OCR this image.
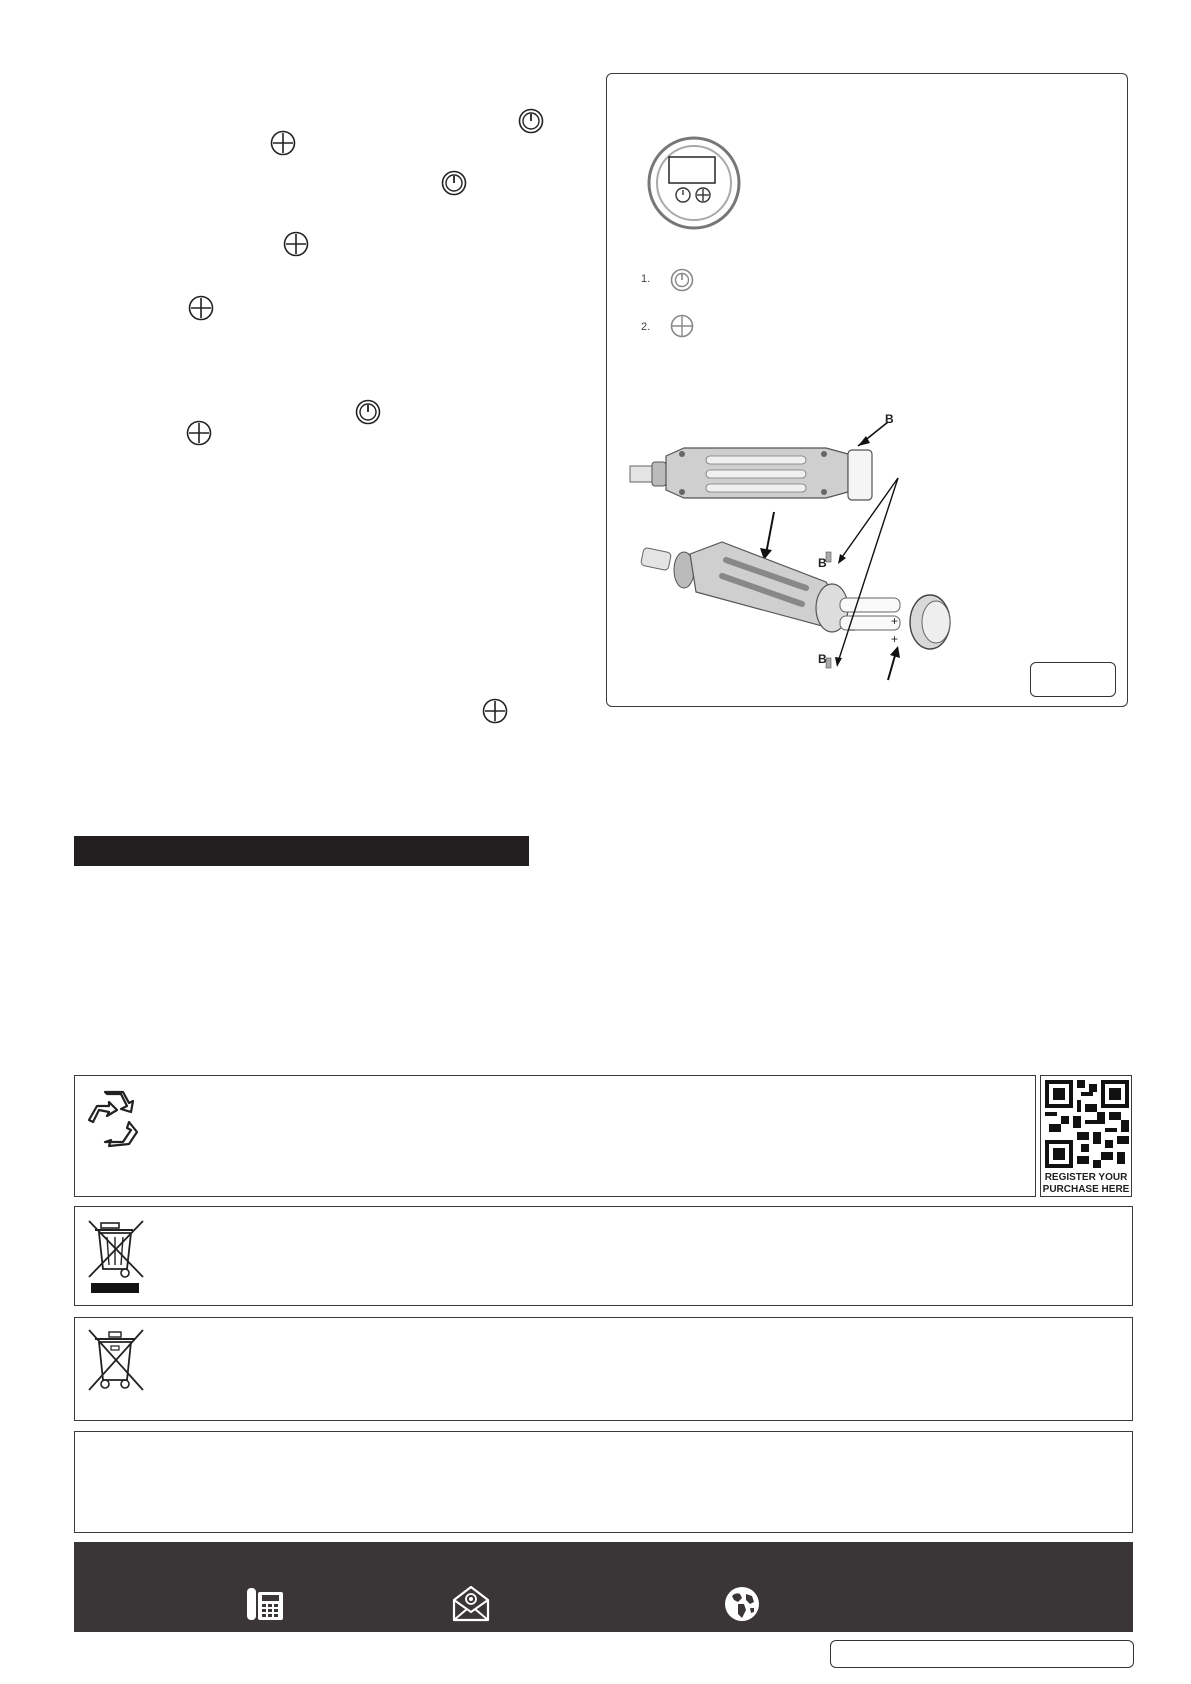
1.
2.
B
B
B
+
+
–
REGISTER YOUR
PURCHASE HERE
